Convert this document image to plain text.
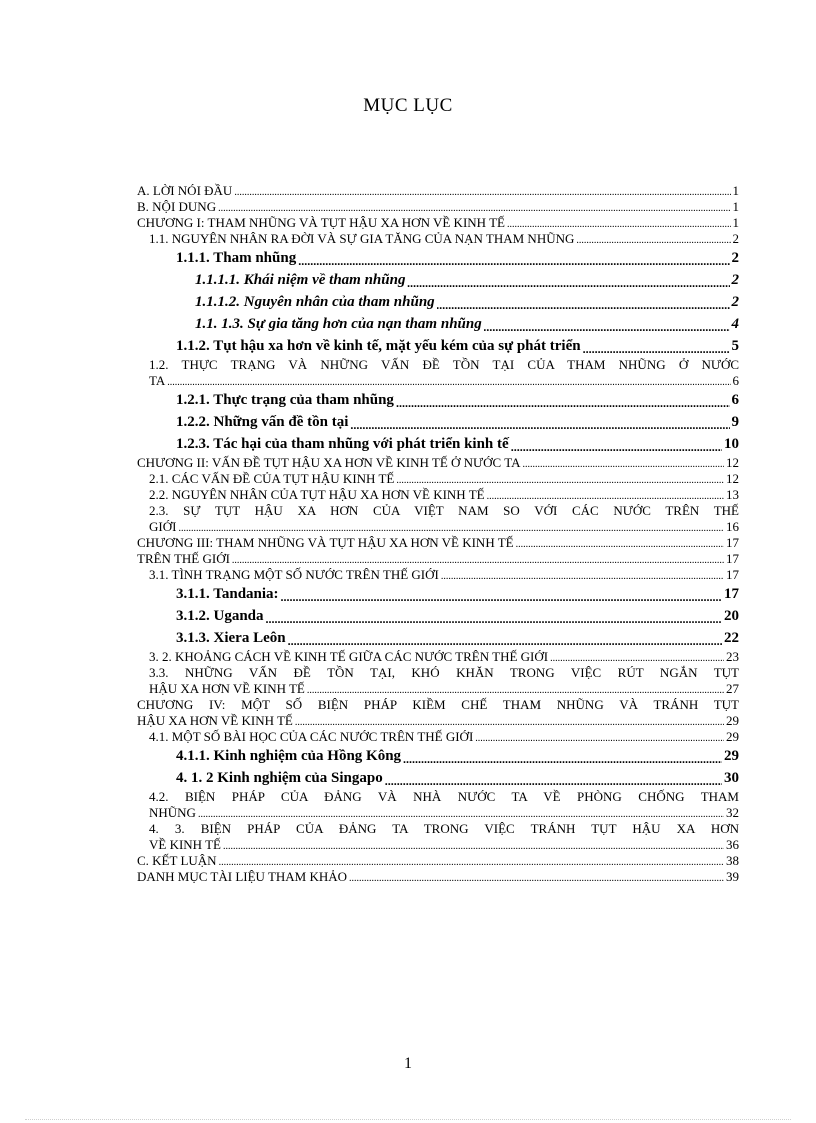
MỤC LỤC
A. LỜI NÓI ĐẦU .....	1
B. NỘI DUNG .....	1
CHƯƠNG I: THAM NHŨNG VÀ TỤT HẬU XA HƠN VỀ KINH TẾ .....	1
1.1. NGUYÊN NHÂN RA ĐỜI VÀ SỰ GIA TĂNG CỦA NẠN THAM NHŨNG .....	2
1.1.1. Tham nhũng .....	2
1.1.1.1. Khái niệm về tham nhũng .....	2
1.1.1.2. Nguyên nhân của tham nhũng .....	2
1.1. 1.3. Sự gia tăng hơn của nạn tham nhũng .....	4
1.1.2. Tụt hậu xa hơn về kinh tế, mặt yếu kém của sự phát triển .....	5
1.2. THỰC TRẠNG VÀ NHỮNG VẤN ĐỀ TỒN TẠI CỦA THAM NHŨNG Ở NƯỚC
TA .....	6
1.2.1. Thực trạng của tham nhũng .....	6
1.2.2. Những vấn đề tồn tại .....	9
1.2.3. Tác hại của tham nhũng với phát triển kinh tế .....	10
CHƯƠNG II: VẤN ĐỀ TỤT HẬU XA HƠN VỀ KINH TẾ Ở NƯỚC TA .....	12
2.1. CÁC VẤN ĐỀ CỦA TỤT HẬU KINH TẾ .....	12
2.2. NGUYÊN NHÂN CỦA TỤT HẬU XA HƠN VỀ KINH TẾ .....	13
2.3. SỰ TỤT HẬU XA HƠN CỦA VIỆT NAM SO VỚI CÁC NƯỚC TRÊN THẾ
GIỚI .....	16
CHƯƠNG III: THAM NHŨNG VÀ TỤT HẬU XA HƠN VỀ KINH TẾ .....	17
TRÊN THẾ GIỚI .....	17
3.1. TÌNH TRẠNG MỘT SỐ NƯỚC TRÊN THẾ GIỚI .....	17
3.1.1. Tandania: .....	17
3.1.2. Uganda .....	20
3.1.3. Xiera Leôn .....	22
3. 2. KHOẢNG CÁCH VỀ KINH TẾ GIỮA CÁC NƯỚC TRÊN THẾ GIỚI .....	23
3.3. NHỮNG VẤN ĐỀ TỒN TẠI, KHÓ KHĂN TRONG VIỆC RÚT NGẮN TỤT
HẬU XA HƠN VỀ KINH TẾ .....	27
CHƯƠNG IV: MỘT SỐ BIỆN PHÁP KIỀM CHẾ THAM NHŨNG VÀ TRÁNH TỤT
HẬU XA HƠN VỀ KINH TẾ .....	29
4.1. MỘT SỐ BÀI HỌC CỦA CÁC NƯỚC TRÊN THẾ GIỚI .....	29
4.1.1. Kinh nghiệm của Hồng Kông .....	29
4. 1. 2 Kinh nghiệm của Singapo .....	30
4.2. BIỆN PHÁP CỦA ĐẢNG VÀ NHÀ NƯỚC TA VỀ PHÒNG CHỐNG THAM
NHŨNG .....	32
4. 3. BIỆN PHÁP CỦA ĐẢNG TA TRONG VIỆC TRÁNH TỤT HẬU XA HƠN
VỀ KINH TẾ .....	36
C. KẾT LUẬN .....	38
DANH MỤC TÀI LIỆU THAM KHẢO .....	39
1
